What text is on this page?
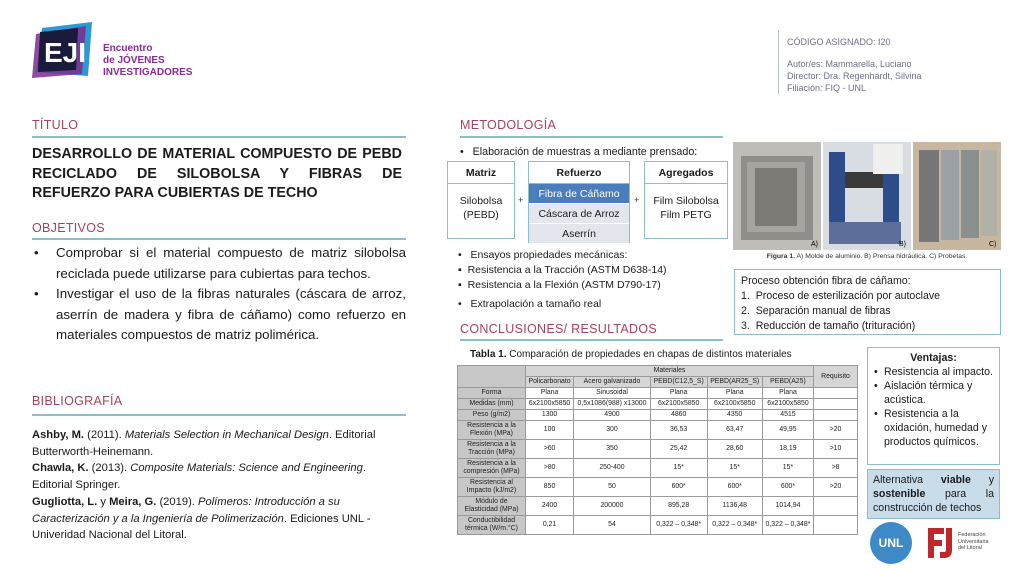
EJI Encuentro
de JÓVENES
INVESTIGADORES
CÓDIGO ASIGNADO: I20
Autor/es: Mammarella, Luciano
Director: Dra. Regenhardt, Silvina
Filiación: FIQ - UNL
TÍTULO
DESARROLLO DE MATERIAL COMPUESTO DE PEBD RECICLADO DE SILOBOLSA Y FIBRAS DE REFUERZO PARA CUBIERTAS DE TECHO
OBJETIVOS
• Comprobar si el material compuesto de matriz silobolsa reciclada puede utilizarse para cubiertas para techos.
• Investigar el uso de la fibras naturales (cáscara de arroz, aserrín de madera y fibra de cáñamo) como refuerzo en materiales compuestos de matriz polimérica.
BIBLIOGRAFÍA

Ashby, M. (2011). Materials Selection in Mechanical Design. Editorial Butterworth-Heinemann.

Chawla, K. (2013). Composite Materials: Science and Engineering. Editorial Springer.

Gugliotta, L. y Meira, G. (2019). Polímeros: Introducción a su Caracterización y a la Ingeniería de Polimerización. Ediciones UNL - Univeridad Nacional del Litoral.

METODOLOGÍA
•   Elaboración de muestras a mediante prensado:
Matriz
Silobolsa
(PEBD)
+
Refuerzo
Fibra de Cáñamo
Cáscara de Arroz
Aserrín
+
Agregados
Film Silobolsa
Film PETG
•   Ensayos propiedades mecánicas:
▪  Resistencia a la Tracción (ASTM D638-14)
▪  Resistencia a la Flexión (ASTM D790-17)
•   Extrapolación a tamaño real
A)	B)	C)
Figura 1. A) Molde de aluminio. B) Prensa hidráulica. C) Probetas.
Proceso obtención fibra de cáñamo:
1.  Proceso de esterilización por autoclave
2.  Separación manual de fibras
3.  Reducción de tamaño (trituración)
CONCLUSIONES/ RESULTADOS
Tabla 1. Comparación de propiedades en chapas de distintos materiales
	Materiales					Requisito
	Policarbonato	Acero galvanizado	PEBD(C12,5_S)	PEBD(AR25_S)	PEBD(A25)	
Forma	Plana	Sinusoidal	Plana	Plana	Plana	
Medidas (mm)	6x2100x5850	0,5x1086(988) x13000	6x2100x5850	6x2100x5850	6x2100x5850	
Peso (g/m2)	1300	4900	4860	4350	4515	
Resistencia a la Flexión (MPa)	100	300	36,53	63,47	49,95	>20
Resistencia a la Tracción (MPa)	>60	350	25,42	28,60	18,19	>10
Resistencia a la compresión (MPa)	>80	250-400	15*	15*	15*	>8
Resistencia al Impacto (kJ/m2)	850	50	600*	600*	600*	>20
Módulo de Elasticidad (MPa)	2400	200000	895,28	1136,48	1014,94	
Conductibilidad térmica (W/m.°C)	0,21	54	0,322 – 0,348*	0,322 – 0,348*	0,322 – 0,348*	
Ventajas:
• Resistencia al impacto.
• Aislación térmica y acústica.
• Resistencia a la oxidación, humedad y productos químicos.
Alternativa viable y sostenible para la construcción de techos
UNL
Federación
Universitaria
del Litoral
